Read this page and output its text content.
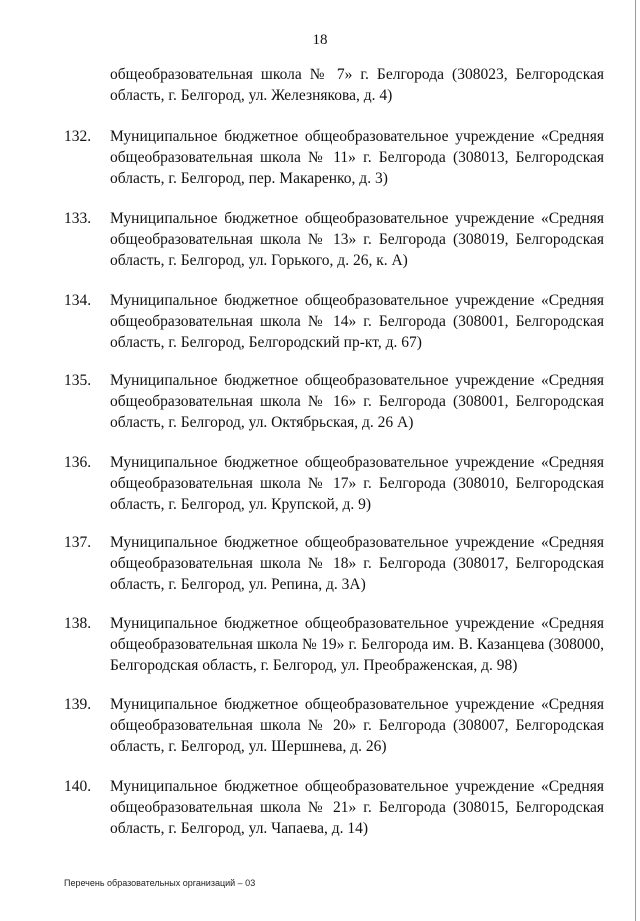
18
общеобразовательная школа № 7» г. Белгорода (308023, Белгородская
область, г. Белгород, ул. Железнякова, д. 4)
132. Муниципальное бюджетное общеобразовательное учреждение «Средняя
общеобразовательная школа № 11» г. Белгорода (308013, Белгородская
область, г. Белгород, пер. Макаренко, д. 3)
133. Муниципальное бюджетное общеобразовательное учреждение «Средняя
общеобразовательная школа № 13» г. Белгорода (308019, Белгородская
область, г. Белгород, ул. Горького, д. 26, к. А)
134. Муниципальное бюджетное общеобразовательное учреждение «Средняя
общеобразовательная школа № 14» г. Белгорода (308001, Белгородская
область, г. Белгород, Белгородский пр-кт, д. 67)
135. Муниципальное бюджетное общеобразовательное учреждение «Средняя
общеобразовательная школа № 16» г. Белгорода (308001, Белгородская
область, г. Белгород, ул. Октябрьская, д. 26 А)
136. Муниципальное бюджетное общеобразовательное учреждение «Средняя
общеобразовательная школа № 17» г. Белгорода (308010, Белгородская
область, г. Белгород, ул. Крупской, д. 9)
137. Муниципальное бюджетное общеобразовательное учреждение «Средняя
общеобразовательная школа № 18» г. Белгорода (308017, Белгородская
область, г. Белгород, ул. Репина, д. 3А)
138. Муниципальное бюджетное общеобразовательное учреждение «Средняя
общеобразовательная школа № 19» г. Белгорода им. В. Казанцева (308000,
Белгородская область, г. Белгород, ул. Преображенская, д. 98)
139. Муниципальное бюджетное общеобразовательное учреждение «Средняя
общеобразовательная школа № 20» г. Белгорода (308007, Белгородская
область, г. Белгород, ул. Шершнева, д. 26)
140. Муниципальное бюджетное общеобразовательное учреждение «Средняя
общеобразовательная школа № 21» г. Белгорода (308015, Белгородская
область, г. Белгород, ул. Чапаева, д. 14)
Перечень образовательных организаций – 03
